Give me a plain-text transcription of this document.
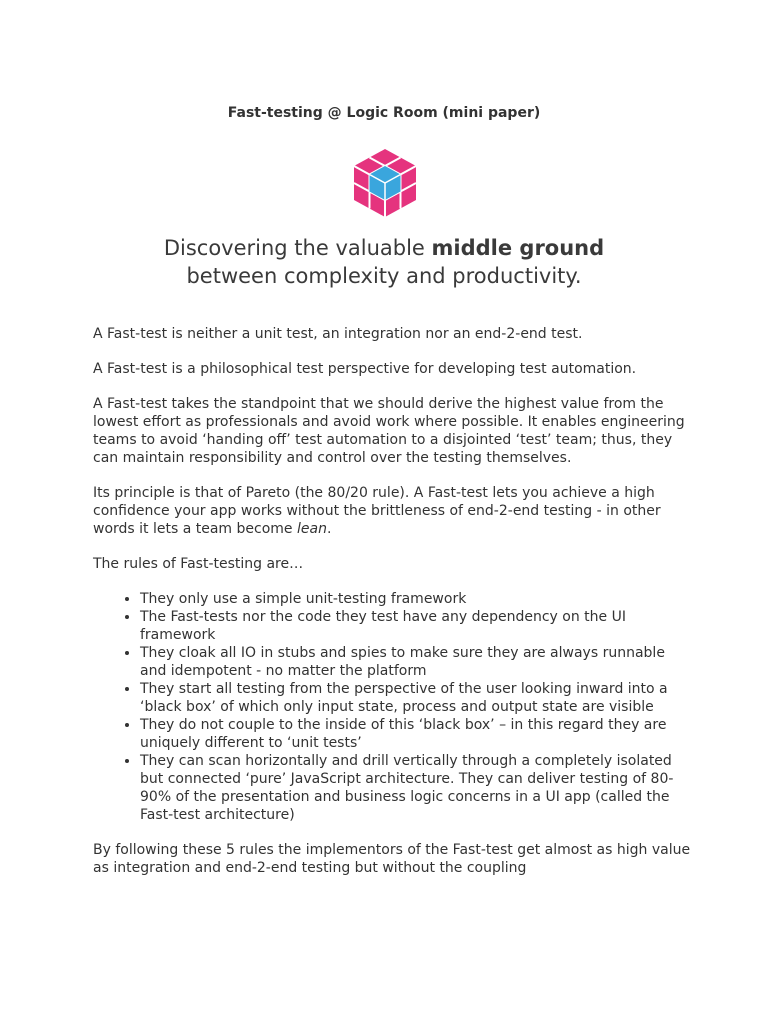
Fast-testing @ Logic Room (mini paper)
Discovering the valuable middle ground
between complexity and productivity.

A Fast-test is neither a unit test, an integration nor an end-2-end test.

A Fast-test is a philosophical test perspective for developing test automation.

A Fast-test takes the standpoint that we should derive the highest value from the lowest effort as professionals and avoid work where possible. It enables engineering teams to avoid ‘handing off’ test automation to a disjointed ‘test’ team; thus, they can maintain responsibility and control over the testing themselves.

Its principle is that of Pareto (the 80/20 rule). A Fast-test lets you achieve a high confidence your app works without the brittleness of end-2-end testing - in other words it lets a team become lean.

The rules of Fast-testing are…

• They only use a simple unit-testing framework
• The Fast-tests nor the code they test have any dependency on the UI framework
• They cloak all IO in stubs and spies to make sure they are always runnable and idempotent - no matter the platform
• They start all testing from the perspective of the user looking inward into a ‘black box’ of which only input state, process and output state are visible
• They do not couple to the inside of this ‘black box’ – in this regard they are uniquely different to ‘unit tests’
• They can scan horizontally and drill vertically through a completely isolated but connected ‘pure’ JavaScript architecture. They can deliver testing of 80-90% of the presentation and business logic concerns in a UI app (called the Fast-test architecture)

By following these 5 rules the implementors of the Fast-test get almost as high value as integration and end-2-end testing but without the coupling
